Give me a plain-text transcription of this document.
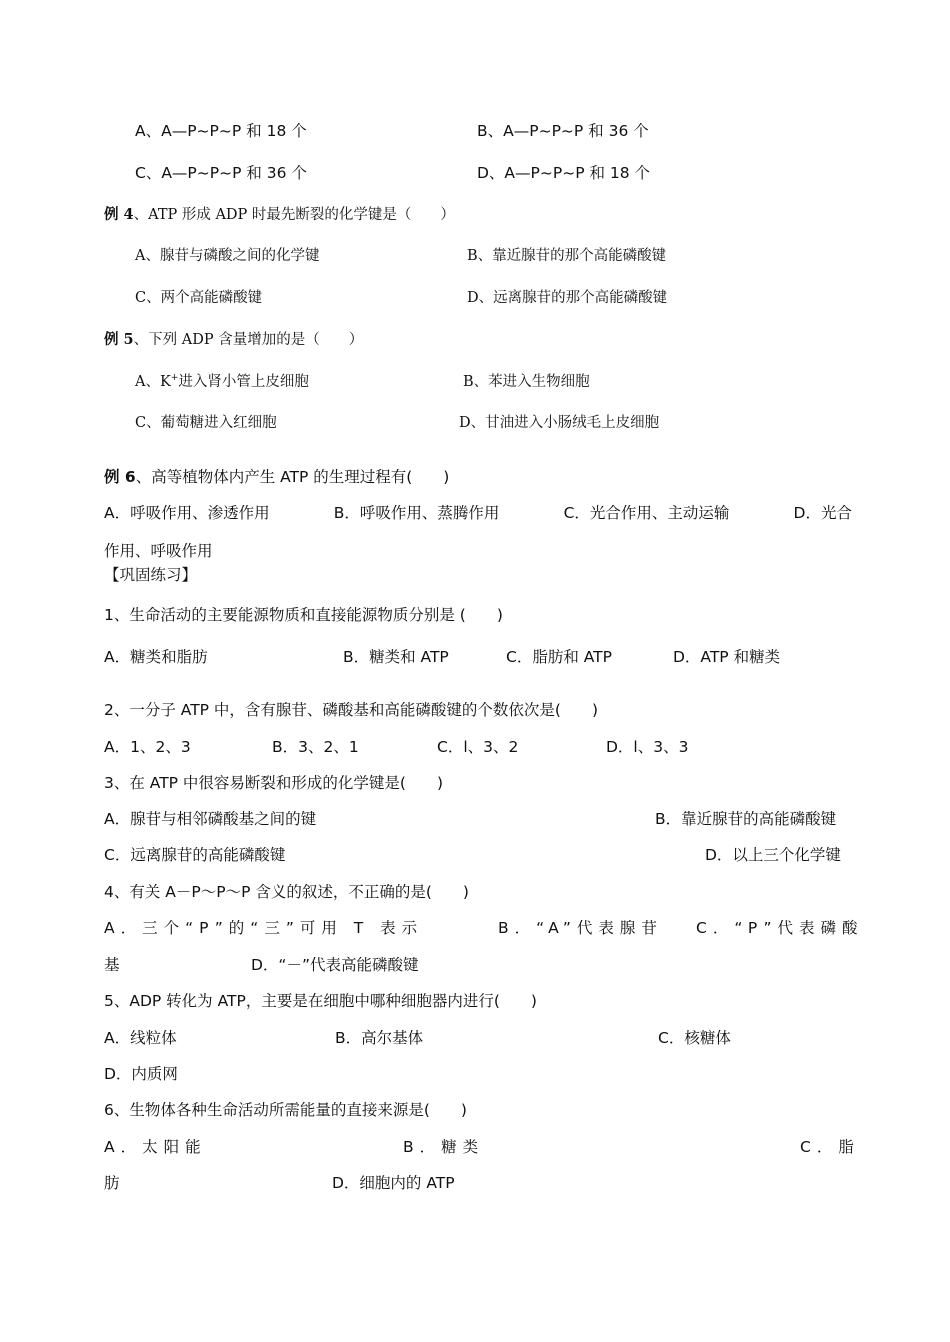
A、A—P~P~P 和 18 个	B、A—P~P~P 和 36 个
C、A—P~P~P 和 36 个	D、A—P~P~P 和 18 个
例 4、ATP 形成 ADP 时最先断裂的化学键是（　　）
A、腺苷与磷酸之间的化学键	B、靠近腺苷的那个高能磷酸键
C、两个高能磷酸键	D、远离腺苷的那个高能磷酸键
例 5、下列 ADP 含量增加的是（　　）
A、K+进入肾小管上皮细胞	B、苯进入生物细胞
C、葡萄糖进入红细胞	D、甘油进入小肠绒毛上皮细胞
例 6、高等植物体内产生 ATP 的生理过程有(　　)
A．呼吸作用、渗透作用	B．呼吸作用、蒸腾作用	C．光合作用、主动运输	D．光合
作用、呼吸作用
【巩固练习】
1、生命活动的主要能源物质和直接能源物质分别是 (　　)
A．糖类和脂肪	B．糖类和 ATP	C．脂肪和 ATP	D．ATP 和糖类
2、一分子 ATP 中，含有腺苷、磷酸基和高能磷酸键的个数依次是(　　)
A．1、2、3	B．3、2、1	C．l、3、2	D．l、3、3
3、在 ATP 中很容易断裂和形成的化学键是(　　)
A．腺苷与相邻磷酸基之间的键	B．靠近腺苷的高能磷酸键
C．远离腺苷的高能磷酸键	D．以上三个化学键
4、有关 A－P～P～P 含义的叙述，不正确的是(　　)
A．三个“P”的“三”可用 T 表示	B．“A”代表腺苷 C．“P”代表磷酸
基	D．“－”代表高能磷酸键
5、ADP 转化为 ATP，主要是在细胞中哪种细胞器内进行(　　)
A．线粒体	B．高尔基体	C．核糖体
D．内质网
6、生物体各种生命活动所需能量的直接来源是(　　)
A．太阳能	B．糖类	C．脂
肪	D．细胞内的 ATP
